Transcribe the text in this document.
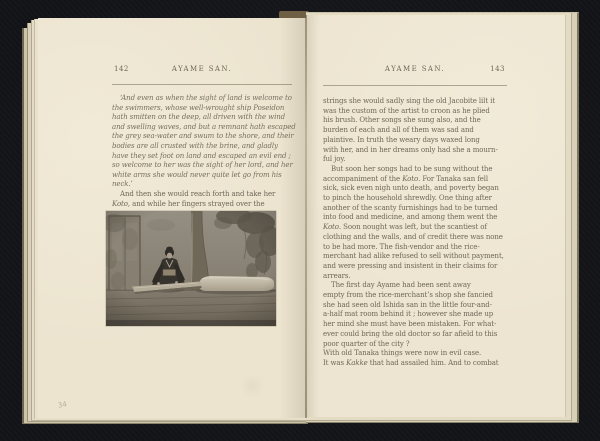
142	AYAME SAN.
‘And even as when the sight of land is welcome to
the swimmers, whose well-wrought ship Poseidon
hath smitten on the deep, all driven with the wind
and swelling waves, and but a remnant hath escaped
the grey sea-water and swum to the shore, and their
bodies are all crusted with the brine, and gladly
have they set foot on land and escaped an evil end ;
so welcome to her was the sight of her lord, and her
white arms she would never quite let go from his
neck.’
And then she would reach forth and take her
Koto, and while her fingers strayed over the
34
AYAME SAN.	143
strings she would sadly sing the old Jacobite lilt it
was the custom of the artist to croon as he plied
his brush. Other songs she sung also, and the
burden of each and all of them was sad and
plaintive. In truth the weary days waxed long
with her, and in her dreams only had she a mourn-
ful joy.
But soon her songs had to be sung without the
accompaniment of the Koto. For Tanaka san fell
sick, sick even nigh unto death, and poverty began
to pinch the household shrewdly. One thing after
another of the scanty furnishings had to be turned
into food and medicine, and among them went the
Koto. Soon nought was left, but the scantiest of
clothing and the walls, and of credit there was none
to be had more. The fish-vendor and the rice-
merchant had alike refused to sell without payment,
and were pressing and insistent in their claims for
arrears.
The first day Ayame had been sent away
empty from the rice-merchant’s shop she fancied
she had seen old Ishida san in the little four-and-
a-half mat room behind it ; however she made up
her mind she must have been mistaken. For what-
ever could bring the old doctor so far afield to this
poor quarter of the city ?
With old Tanaka things were now in evil case.
It was Kakke that had assailed him. And to combat
